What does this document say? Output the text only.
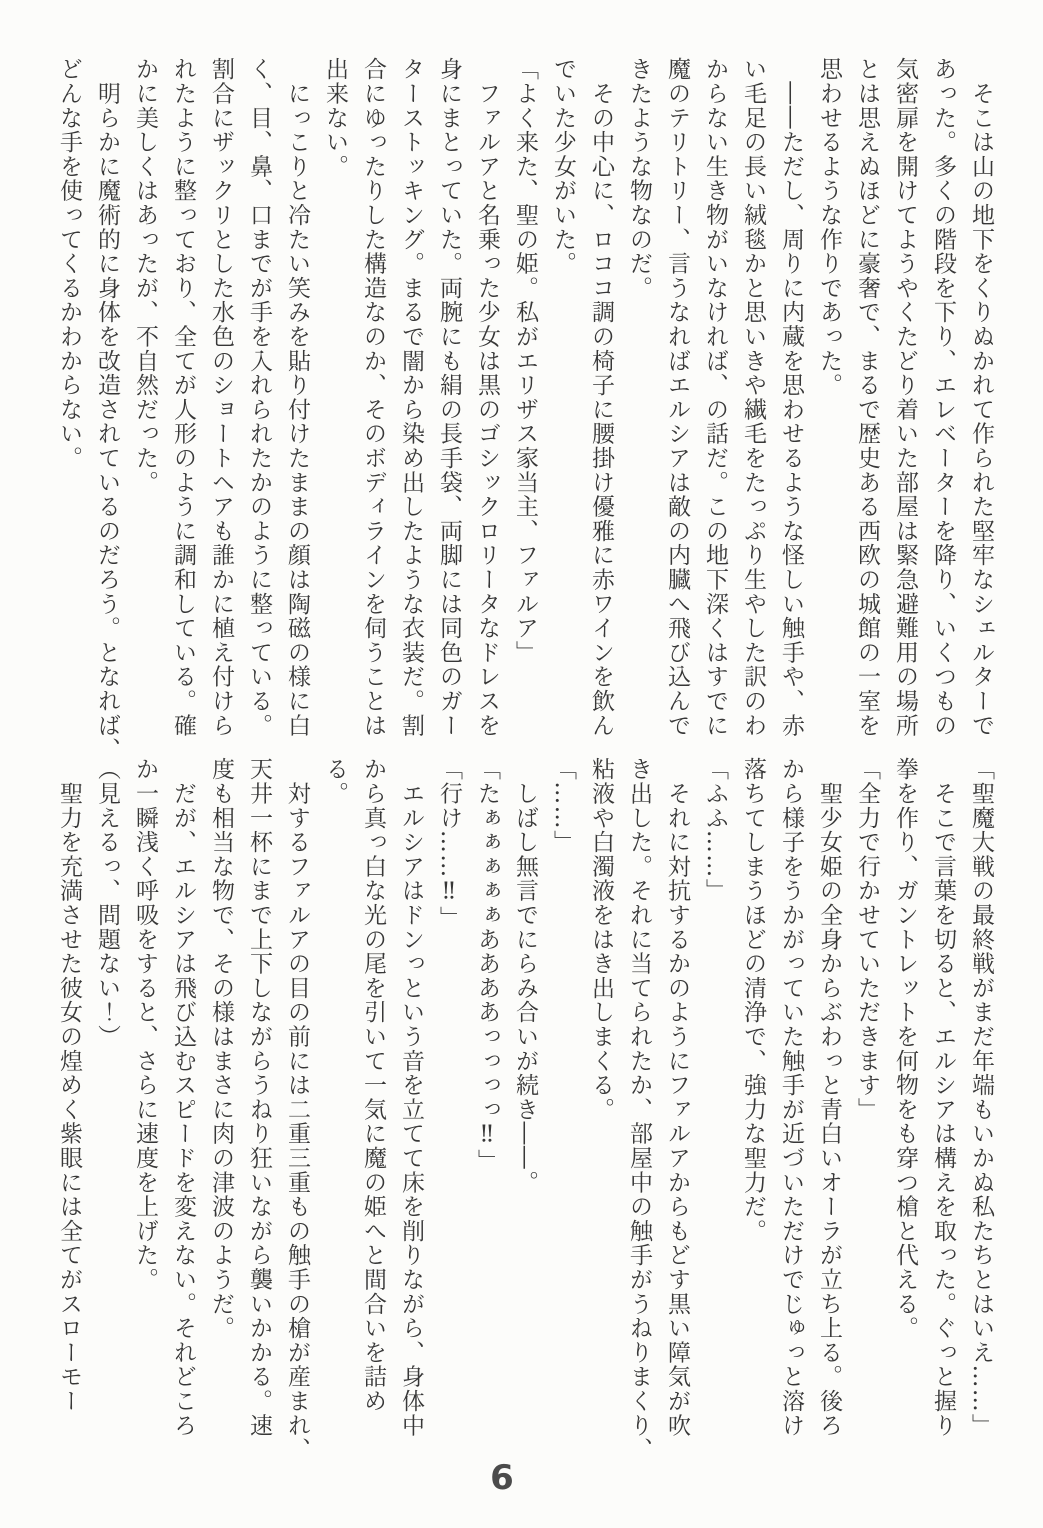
　そこは山の地下をくりぬかれて作られた堅牢なシェルターで
あった。多くの階段を下り、エレベーターを降り、いくつもの
気密扉を開けてようやくたどり着いた部屋は緊急避難用の場所
とは思えぬほどに豪奢で、まるで歴史ある西欧の城館の一室を
思わせるような作りであった。
　――ただし、周りに内蔵を思わせるような怪しい触手や、赤
い毛足の長い絨毯かと思いきや繊毛をたっぷり生やした訳のわ
からない生き物がいなければ、の話だ。この地下深くはすでに
魔のテリトリー、言うなればエルシアは敵の内臓へ飛び込んで
きたような物なのだ。
　その中心に、ロココ調の椅子に腰掛け優雅に赤ワインを飲ん
でいた少女がいた。
「よく来た、聖の姫。私がエリザス家当主、ファルア」
　ファルアと名乗った少女は黒のゴシックロリータなドレスを
身にまとっていた。両腕にも絹の長手袋、両脚には同色のガー
ターストッキング。まるで闇から染め出したような衣装だ。割
合にゆったりした構造なのか、そのボディラインを伺うことは
出来ない。
　にっこりと冷たい笑みを貼り付けたままの顔は陶磁の様に白
く、目、鼻、口までが手を入れられたかのように整っている。
割合にザックリとした水色のショートヘアも誰かに植え付けら
れたように整っており、全てが人形のように調和している。確
かに美しくはあったが、不自然だった。
　明らかに魔術的に身体を改造されているのだろう。となれば、
どんな手を使ってくるかわからない。
「聖魔大戦の最終戦がまだ年端もいかぬ私たちとはいえ……」
　そこで言葉を切ると、エルシアは構えを取った。ぐっと握り
拳を作り、ガントレットを何物をも穿つ槍と代える。
「全力で行かせていただきます」
　聖少女姫の全身からぶわっと青白いオーラが立ち上る。後ろ
から様子をうかがっていた触手が近づいただけでじゅっと溶け
落ちてしまうほどの清浄で、強力な聖力だ。
「ふふ……」
　それに対抗するかのようにファルアからもどす黒い障気が吹
き出した。それに当てられたか、部屋中の触手がうねりまくり、
粘液や白濁液をはき出しまくる。
「……」
　しばし無言でにらみ合いが続き――。
「たぁぁぁぁぁああああっっっっ‼」
「行け……‼」
　エルシアはドンっという音を立てて床を削りながら、身体中
から真っ白な光の尾を引いて一気に魔の姫へと間合いを詰め
る。
　対するファルアの目の前には二重三重もの触手の槍が産まれ、
天井一杯にまで上下しながらうねり狂いながら襲いかかる。速
度も相当な物で、その様はまさに肉の津波のようだ。
　だが、エルシアは飛び込むスピードを変えない。それどころ
か一瞬浅く呼吸をすると、さらに速度を上げた。
（見えるっ、問題ない！）
　聖力を充満させた彼女の煌めく紫眼には全てがスローモー
6
